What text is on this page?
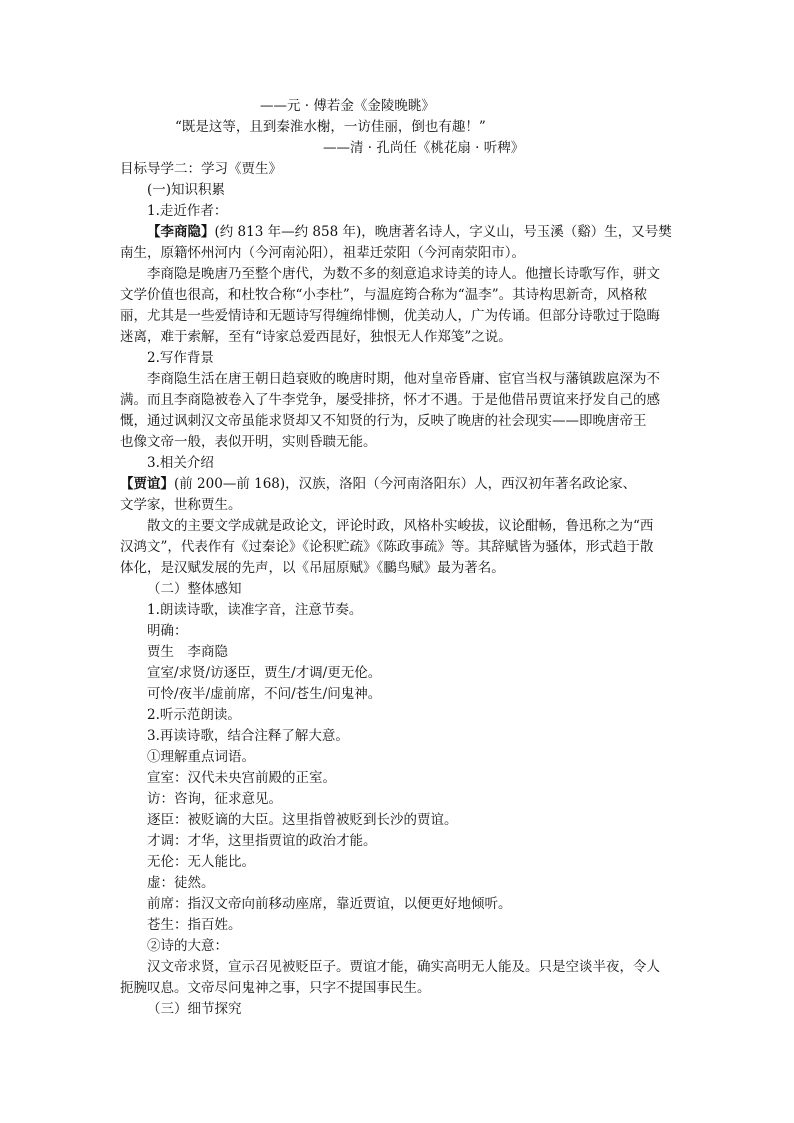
——元 · 傅若金《金陵晚眺》
“既是这等，且到秦淮水榭，一访佳丽，倒也有趣！”
——清 · 孔尚任《桃花扇 · 听稗》
目标导学二：学习《贾生》
(一)知识积累
1.走近作者：
【李商隐】(约 813 年—约 858 年)，晚唐著名诗人，字义山，号玉溪（谿）生，又号樊
南生，原籍怀州河内（今河南沁阳），祖辈迁荥阳（今河南荥阳市）。
李商隐是晚唐乃至整个唐代，为数不多的刻意追求诗美的诗人。他擅长诗歌写作，骈文
文学价值也很高，和杜牧合称“小李杜”，与温庭筠合称为“温李”。其诗构思新奇，风格秾
丽，尤其是一些爱情诗和无题诗写得缠绵悱恻，优美动人，广为传诵。但部分诗歌过于隐晦
迷离，难于索解，至有“诗家总爱西昆好，独恨无人作郑笺”之说。
2.写作背景
李商隐生活在唐王朝日趋衰败的晚唐时期，他对皇帝昏庸、宦官当权与藩镇跋扈深为不
满。而且李商隐被卷入了牛李党争，屡受排挤，怀才不遇。于是他借吊贾谊来抒发自己的感
慨，通过讽刺汉文帝虽能求贤却又不知贤的行为，反映了晚唐的社会现实——即晚唐帝王
也像文帝一般，表似开明，实则昏聩无能。
3.相关介绍
【贾谊】(前 200—前 168)，汉族，洛阳（今河南洛阳东）人，西汉初年著名政论家、
文学家，世称贾生。
散文的主要文学成就是政论文，评论时政，风格朴实峻拔，议论酣畅，鲁迅称之为“西
汉鸿文”，代表作有《过秦论》《论积贮疏》《陈政事疏》等。其辞赋皆为骚体，形式趋于散
体化，是汉赋发展的先声，以《吊屈原赋》《鵩鸟赋》最为著名。
（二）整体感知
1.朗读诗歌，读准字音，注意节奏。
明确：
贾生　李商隐
宣室/求贤/访逐臣，贾生/才调/更无伦。
可怜/夜半/虚前席，不问/苍生/问鬼神。
2.听示范朗读。
3.再读诗歌，结合注释了解大意。
①理解重点词语。
宣室：汉代未央宫前殿的正室。
访：咨询，征求意见。
逐臣：被贬谪的大臣。这里指曾被贬到长沙的贾谊。
才调：才华，这里指贾谊的政治才能。
无伦：无人能比。
虚：徒然。
前席：指汉文帝向前移动座席，靠近贾谊，以便更好地倾听。
苍生：指百姓。
②诗的大意：
汉文帝求贤，宣示召见被贬臣子。贾谊才能，确实高明无人能及。只是空谈半夜，令人
扼腕叹息。文帝尽问鬼神之事，只字不提国事民生。
（三）细节探究
